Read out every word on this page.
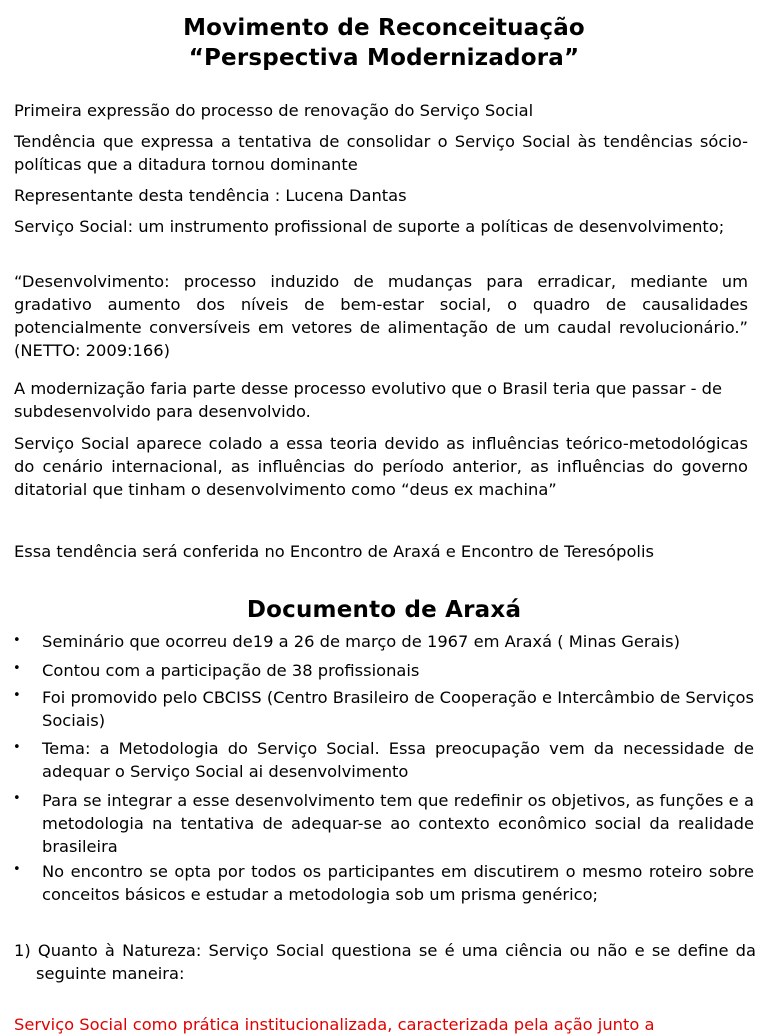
Movimento de Reconceituação
“Perspectiva Modernizadora”

Primeira expressão do processo de renovação do Serviço Social

Tendência que expressa a tentativa de consolidar o Serviço Social às tendências sócio-políticas que a ditadura tornou dominante

Representante desta tendência : Lucena Dantas

Serviço Social: um instrumento profissional de suporte a políticas de desenvolvimento;

“Desenvolvimento: processo induzido de mudanças para erradicar, mediante um gradativo aumento dos níveis de bem-estar social, o quadro de causalidades potencialmente conversíveis em vetores de alimentação de um caudal revolucionário.” (NETTO: 2009:166)

A modernização faria parte desse processo evolutivo que o Brasil teria que passar - de subdesenvolvido para desenvolvido.

Serviço Social aparece colado a essa teoria devido as influências teórico-metodológicas do cenário internacional, as influências do período anterior, as influências do governo ditatorial que tinham o desenvolvimento como “deus ex machina”

Essa tendência será conferida no Encontro de Araxá e Encontro de Teresópolis

Documento de Araxá
• Seminário que ocorreu de19 a 26 de março de 1967 em Araxá ( Minas Gerais)

• Contou com a participação de 38 profissionais

• Foi promovido pelo CBCISS (Centro Brasileiro de Cooperação e Intercâmbio de Serviços Sociais)

• Tema: a Metodologia do Serviço Social. Essa preocupação vem da necessidade de adequar o Serviço Social ai desenvolvimento

• Para se integrar a esse desenvolvimento tem que redefinir os objetivos, as funções e a metodologia na tentativa de adequar-se ao contexto econômico social da realidade brasileira

• No encontro se opta por todos os participantes em discutirem o mesmo roteiro sobre conceitos básicos e estudar a metodologia sob um prisma genérico;

1) Quanto à Natureza: Serviço Social questiona se é uma ciência ou não e se define da seguinte maneira:

Serviço Social como prática institucionalizada, caracterizada pela ação junto a
